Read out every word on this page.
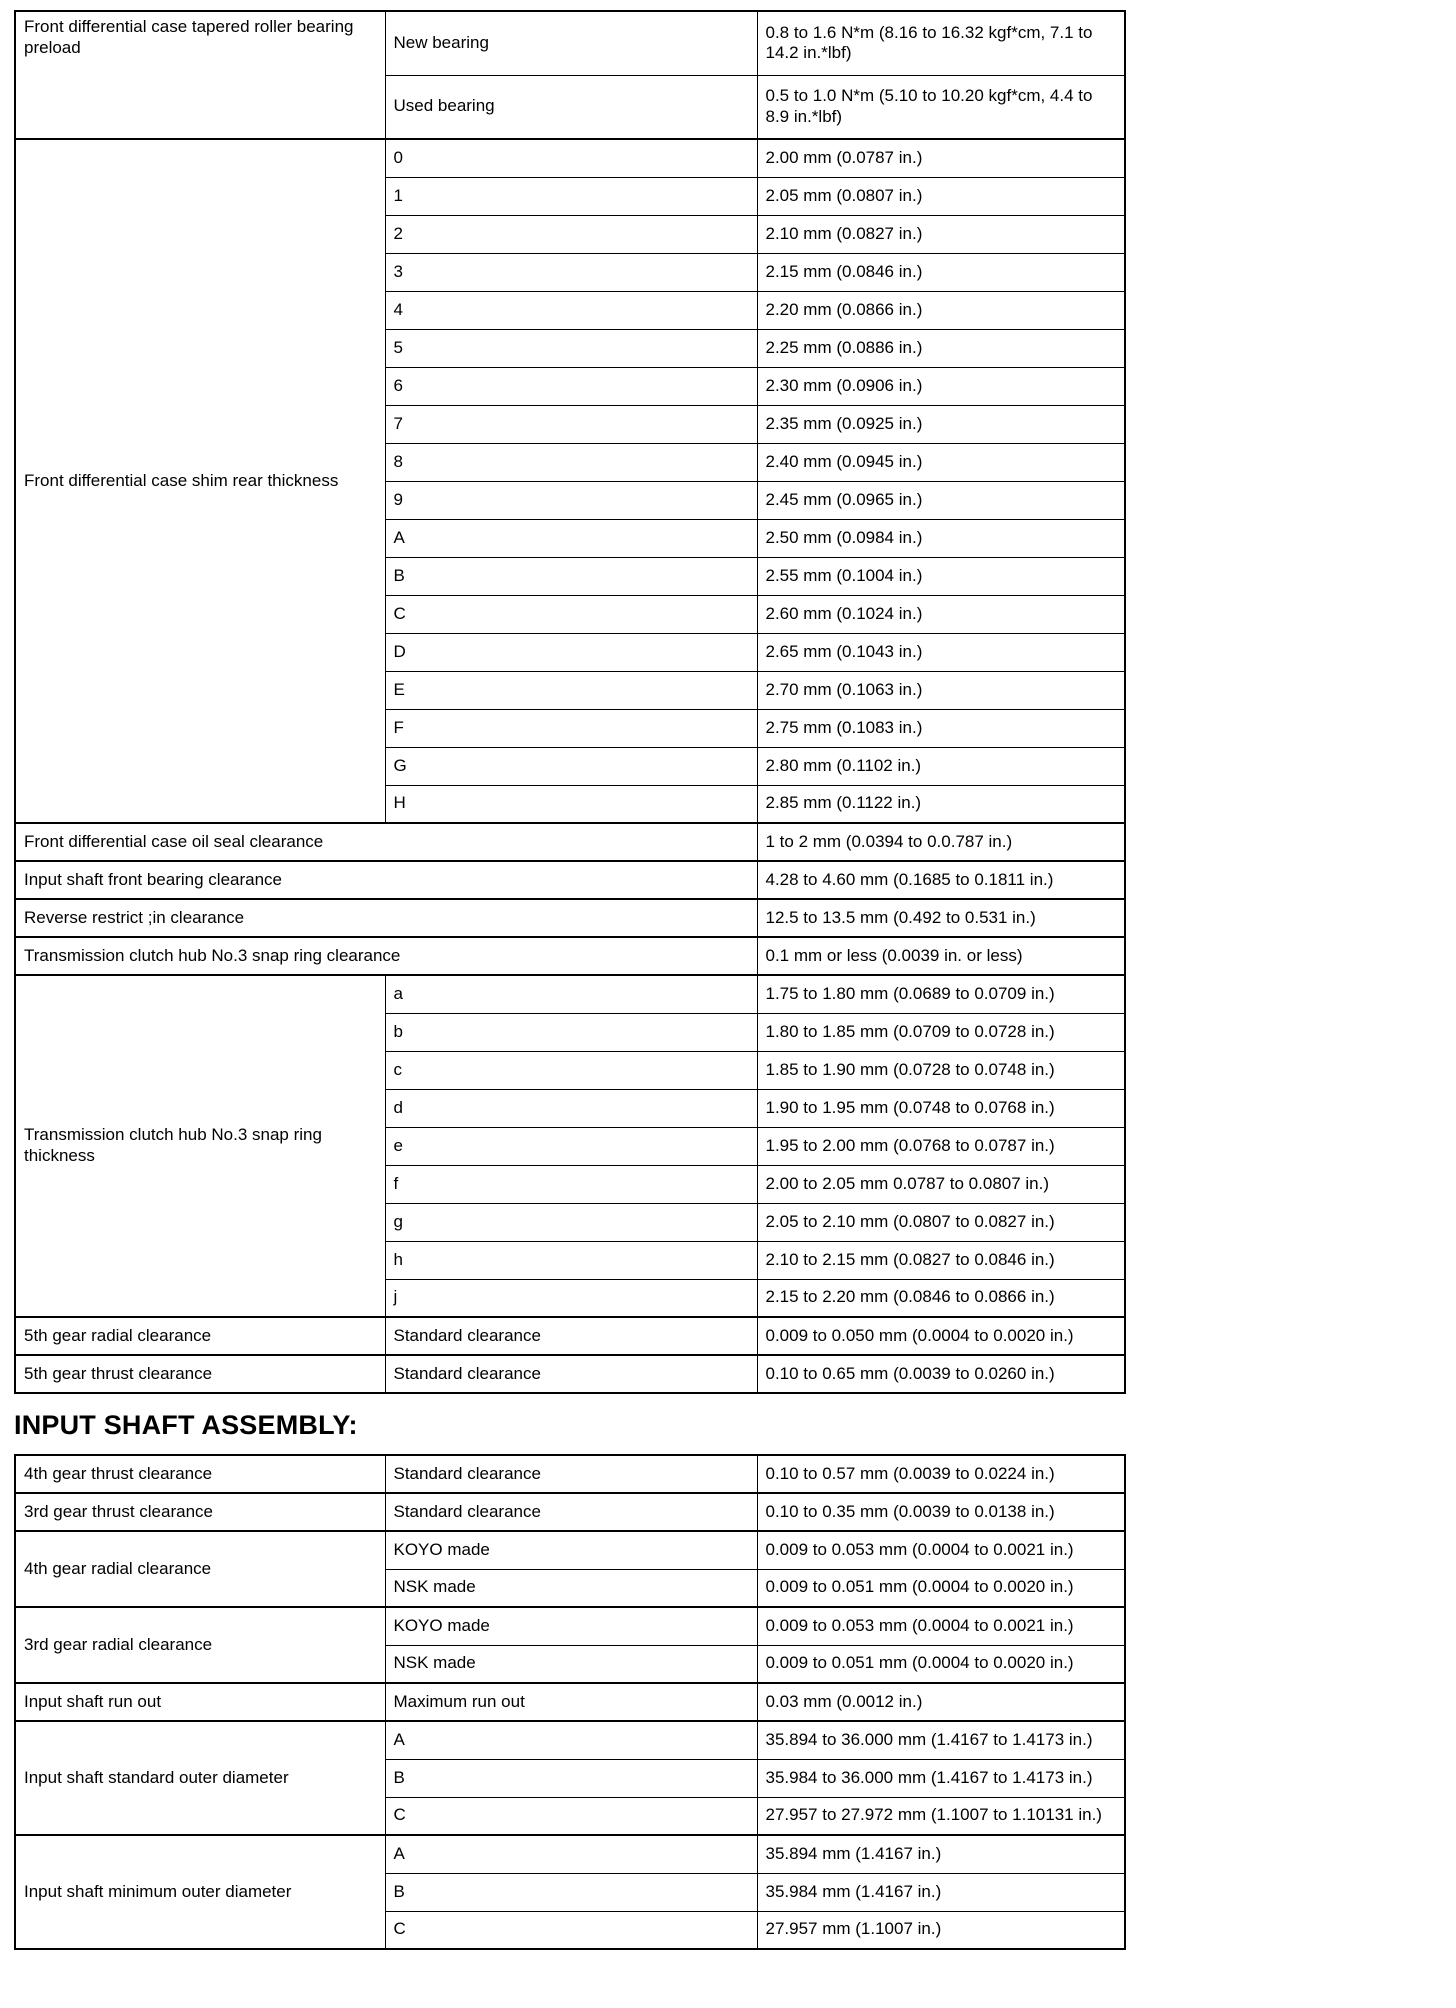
Front differential case tapered roller bearing preload	New bearing	0.8 to 1.6 N*m (8.16 to 16.32 kgf*cm, 7.1 to 14.2 in.*lbf)
	Used bearing	0.5 to 1.0 N*m (5.10 to 10.20 kgf*cm, 4.4 to 8.9 in.*lbf)
Front differential case shim rear thickness	0	2.00 mm (0.0787 in.)
	1	2.05 mm (0.0807 in.)
	2	2.10 mm (0.0827 in.)
	3	2.15 mm (0.0846 in.)
	4	2.20 mm (0.0866 in.)
	5	2.25 mm (0.0886 in.)
	6	2.30 mm (0.0906 in.)
	7	2.35 mm (0.0925 in.)
	8	2.40 mm (0.0945 in.)
	9	2.45 mm (0.0965 in.)
	A	2.50 mm (0.0984 in.)
	B	2.55 mm (0.1004 in.)
	C	2.60 mm (0.1024 in.)
	D	2.65 mm (0.1043 in.)
	E	2.70 mm (0.1063 in.)
	F	2.75 mm (0.1083 in.)
	G	2.80 mm (0.1102 in.)
	H	2.85 mm (0.1122 in.)
Front differential case oil seal clearance		1 to 2 mm (0.0394 to 0.0.787 in.)
Input shaft front bearing clearance		4.28 to 4.60 mm (0.1685 to 0.1811 in.)
Reverse restrict ;in clearance		12.5 to 13.5 mm (0.492 to 0.531 in.)
Transmission clutch hub No.3 snap ring clearance		0.1 mm or less (0.0039 in. or less)
Transmission clutch hub No.3 snap ring thickness	a	1.75 to 1.80 mm (0.0689 to 0.0709 in.)
	b	1.80 to 1.85 mm (0.0709 to 0.0728 in.)
	c	1.85 to 1.90 mm (0.0728 to 0.0748 in.)
	d	1.90 to 1.95 mm (0.0748 to 0.0768 in.)
	e	1.95 to 2.00 mm (0.0768 to 0.0787 in.)
	f	2.00 to 2.05 mm 0.0787 to 0.0807 in.)
	g	2.05 to 2.10 mm (0.0807 to 0.0827 in.)
	h	2.10 to 2.15 mm (0.0827 to 0.0846 in.)
	j	2.15 to 2.20 mm (0.0846 to 0.0866 in.)
5th gear radial clearance	Standard clearance	0.009 to 0.050 mm (0.0004 to 0.0020 in.)
5th gear thrust clearance	Standard clearance	0.10 to 0.65 mm (0.0039 to 0.0260 in.)
INPUT SHAFT ASSEMBLY:
4th gear thrust clearance	Standard clearance	0.10 to 0.57 mm (0.0039 to 0.0224 in.)
3rd gear thrust clearance	Standard clearance	0.10 to 0.35 mm (0.0039 to 0.0138 in.)
4th gear radial clearance	KOYO made	0.009 to 0.053 mm (0.0004 to 0.0021 in.)
	NSK made	0.009 to 0.051 mm (0.0004 to 0.0020 in.)
3rd gear radial clearance	KOYO made	0.009 to 0.053 mm (0.0004 to 0.0021 in.)
	NSK made	0.009 to 0.051 mm (0.0004 to 0.0020 in.)
Input shaft run out	Maximum run out	0.03 mm (0.0012 in.)
Input shaft standard outer diameter	A	35.894 to 36.000 mm (1.4167 to 1.4173 in.)
	B	35.984 to 36.000 mm (1.4167 to 1.4173 in.)
	C	27.957 to 27.972 mm (1.1007 to 1.10131 in.)
Input shaft minimum outer diameter	A	35.894 mm (1.4167 in.)
	B	35.984 mm (1.4167 in.)
	C	27.957 mm (1.1007 in.)
